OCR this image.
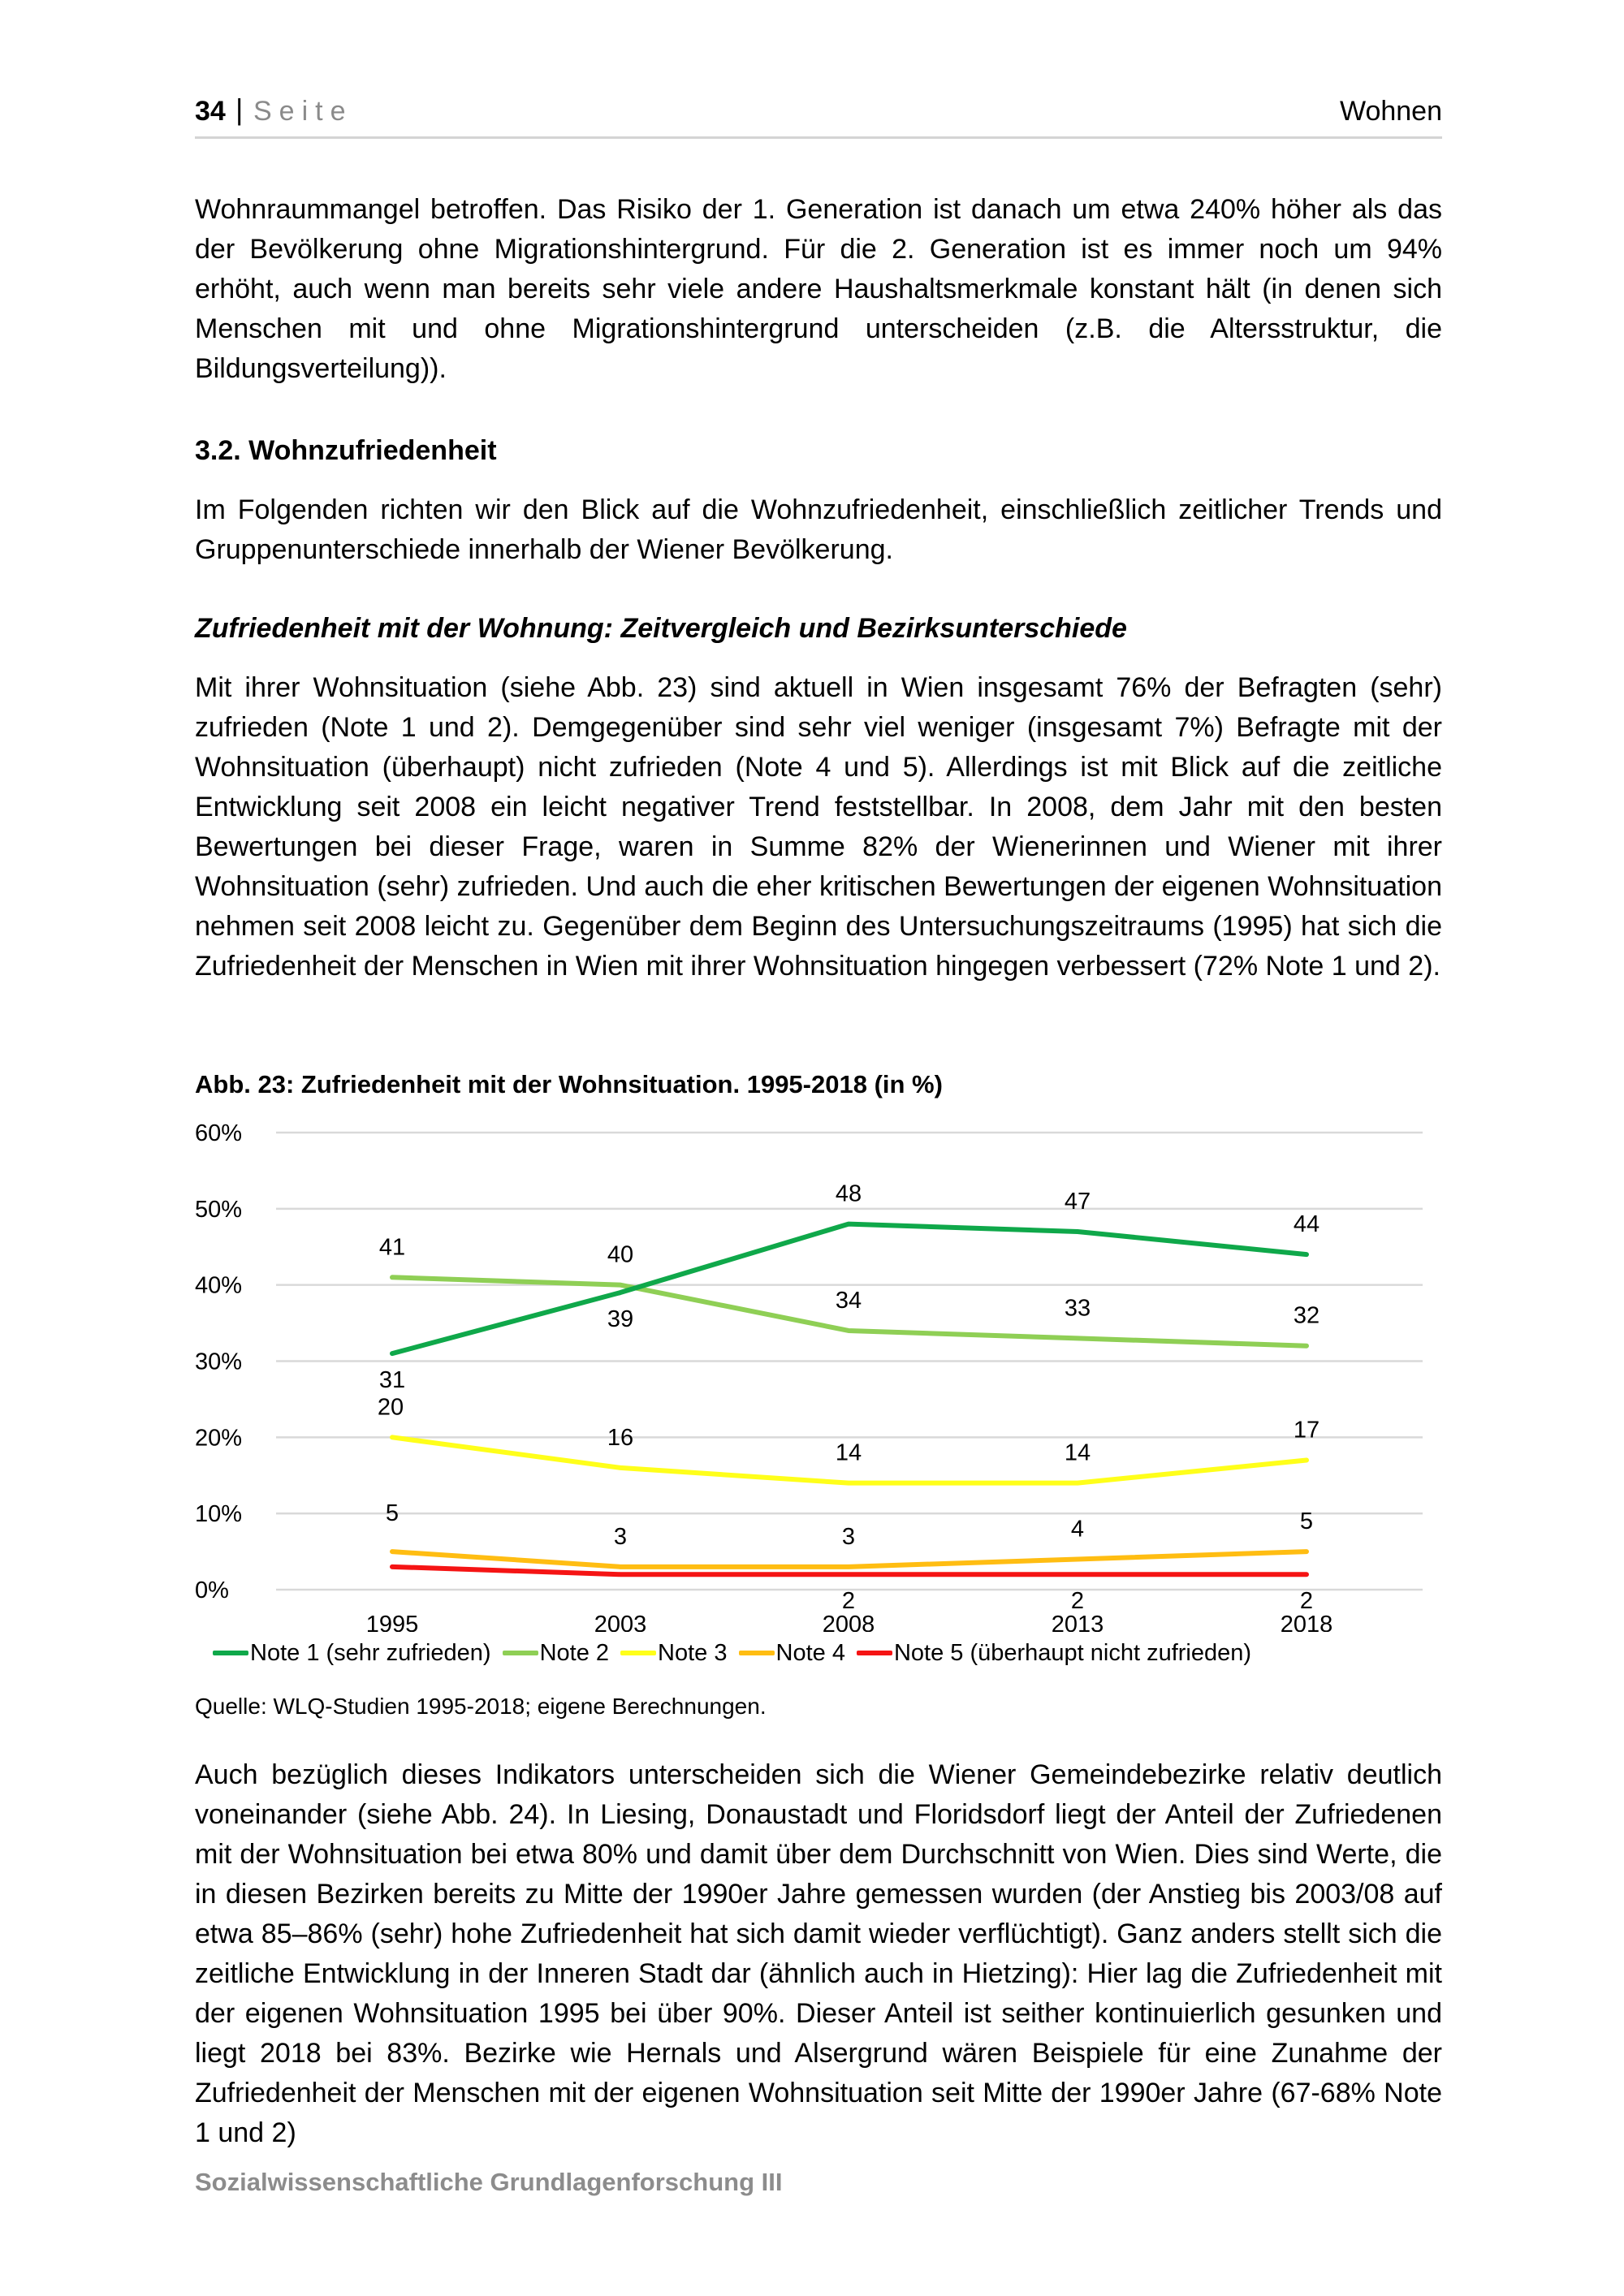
34 | Seite	Wohnen

Wohnraummangel betroffen. Das Risiko der 1. Generation ist danach um etwa 240% höher als das der Bevölkerung ohne Migrationshintergrund. Für die 2. Generation ist es immer noch um 94% erhöht, auch wenn man bereits sehr viele andere Haushaltsmerkmale konstant hält (in denen sich Menschen mit und ohne Migrationshintergrund unterscheiden (z.B. die Altersstruktur, die Bildungsverteilung)).

3.2. Wohnzufriedenheit

Im Folgenden richten wir den Blick auf die Wohnzufriedenheit, einschließlich zeitlicher Trends und Gruppenunterschiede innerhalb der Wiener Bevölkerung.

Zufriedenheit mit der Wohnung: Zeitvergleich und Bezirksunterschiede

Mit ihrer Wohnsituation (siehe Abb. 23) sind aktuell in Wien insgesamt 76% der Befragten (sehr) zufrieden (Note 1 und 2). Demgegenüber sind sehr viel weniger (insgesamt 7%) Befragte mit der Wohnsituation (überhaupt) nicht zufrieden (Note 4 und 5). Allerdings ist mit Blick auf die zeitliche Entwicklung seit 2008 ein leicht negativer Trend feststellbar. In 2008, dem Jahr mit den besten Bewertungen bei dieser Frage, waren in Summe 82% der Wienerinnen und Wiener mit ihrer Wohnsituation (sehr) zufrieden. Und auch die eher kritischen Bewertungen der eigenen Wohnsituation nehmen seit 2008 leicht zu. Gegenüber dem Beginn des Untersuchungszeitraums (1995) hat sich die Zufriedenheit der Menschen in Wien mit ihrer Wohnsituation hingegen verbessert (72% Note 1 und 2).

Abb. 23: Zufriedenheit mit der Wohnsituation. 1995-2018 (in %)
0%
10%
20%
30%
40%
50%
60%
1995	2003	2008	2013	2018
31
39
48	47
44
41	40
34	33	32
20
16
14	14
17
5
3	3	4	5
2	2	2
Note 1 (sehr zufrieden) Note 2 Note 3 Note 4 Note 5 (überhaupt nicht zufrieden)
Quelle: WLQ-Studien 1995-2018; eigene Berechnungen.

Auch bezüglich dieses Indikators unterscheiden sich die Wiener Gemeindebezirke relativ deutlich voneinander (siehe Abb. 24). In Liesing, Donaustadt und Floridsdorf liegt der Anteil der Zufriedenen mit der Wohnsituation bei etwa 80% und damit über dem Durchschnitt von Wien. Dies sind Werte, die in diesen Bezirken bereits zu Mitte der 1990er Jahre gemessen wurden (der Anstieg bis 2003/08 auf etwa 85–86% (sehr) hohe Zufriedenheit hat sich damit wieder verflüchtigt). Ganz anders stellt sich die zeitliche Entwicklung in der Inneren Stadt dar (ähnlich auch in Hietzing): Hier lag die Zufriedenheit mit der eigenen Wohnsituation 1995 bei über 90%. Dieser Anteil ist seither kontinuierlich gesunken und liegt 2018 bei 83%. Bezirke wie Hernals und Alsergrund wären Beispiele für eine Zunahme der Zufriedenheit der Menschen mit der eigenen Wohnsituation seit Mitte der 1990er Jahre (67-68% Note 1 und 2)

Sozialwissenschaftliche Grundlagenforschung III
